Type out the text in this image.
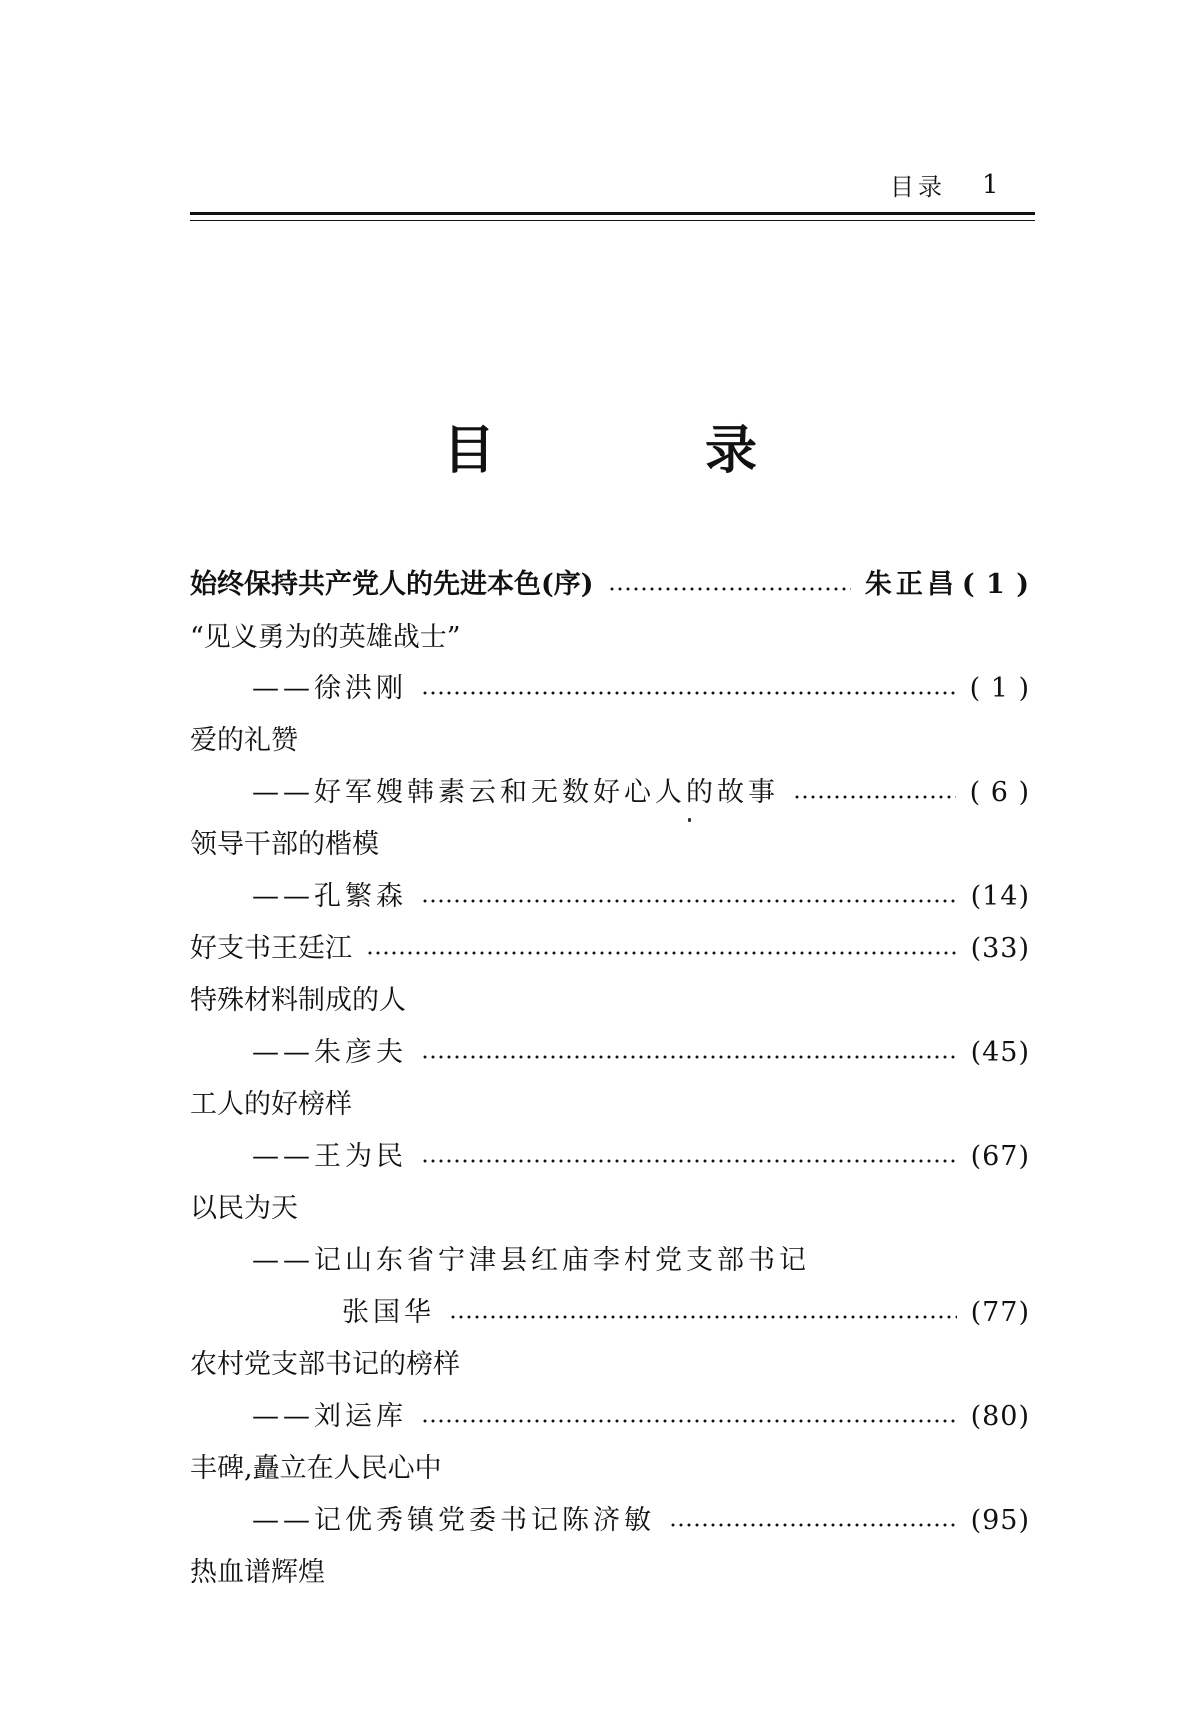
目录 1
目 录
始终保持共产党人的先进本色(序)	朱正昌 ( 1 )
“见义勇为的英雄战士”
——徐洪刚	( 1 )
爱的礼赞
——好军嫂韩素云和无数好心人的故事	( 6 )
领导干部的楷模
——孔繁森	(14)
好支书王廷江	(33)
特殊材料制成的人
——朱彦夫	(45)
工人的好榜样
——王为民	(67)
以民为天
——记山东省宁津县红庙李村党支部书记
张国华	(77)
农村党支部书记的榜样
——刘运库	(80)
丰碑,矗立在人民心中
——记优秀镇党委书记陈济敏	(95)
热血谱辉煌
